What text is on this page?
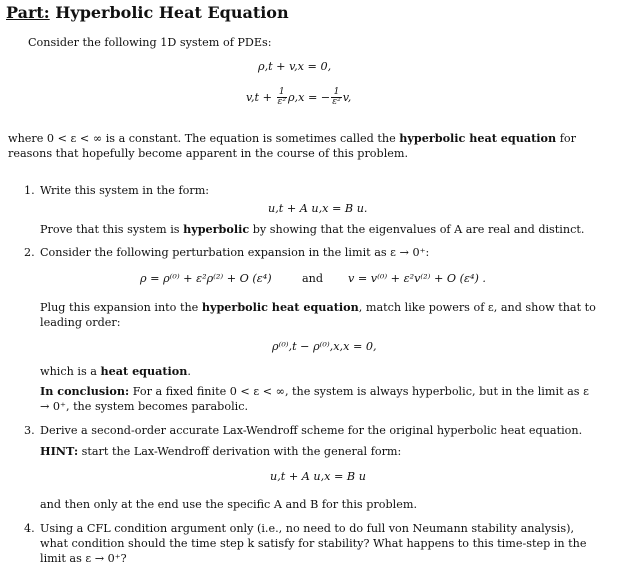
Part: Hyperbolic Heat Equation
Consider the following 1D system of PDEs:
ρ,t + v,x = 0,
$v,t + \frac{1}{\text{ε²}} \rho,x$ = − $\frac{1}{\text{ε²}} v$,
where 0 < ε < ∞ is a constant. The equation is sometimes called the hyperbolic heat equation for reasons that hopefully become apparent in the course of this problem.
1. Write this system in the form:
u,t + A u,x = B u.
Prove that this system is hyperbolic by showing that the eigenvalues of A are real and distinct.
2. Consider the following perturbation expansion in the limit as ε → 0⁺:
ρ = ρ⁽⁰⁾ + ε²ρ⁽²⁾ + O (ε⁴)	and v = v⁽⁰⁾ + ε²v⁽²⁾ + O (ε⁴) .
Plug this expansion into the hyperbolic heat equation, match like powers of ε, and show that to leading order:
ρ⁽⁰⁾,t − ρ⁽⁰⁾,x,x = 0,
which is a heat equation.
In conclusion: For a fixed finite 0 < ε < ∞, the system is always hyperbolic, but in the limit as ε → 0⁺, the system becomes parabolic.
3. Derive a second-order accurate Lax-Wendroff scheme for the original hyperbolic heat equation.
HINT: start the Lax-Wendroff derivation with the general form:
u,t + A u,x = B u
and then only at the end use the specific A and B for this problem.
4. Using a CFL condition argument only (i.e., no need to do full von Neumann stability analysis), what condition should the time step k satisfy for stability? What happens to this time-step in the limit as ε → 0⁺?
